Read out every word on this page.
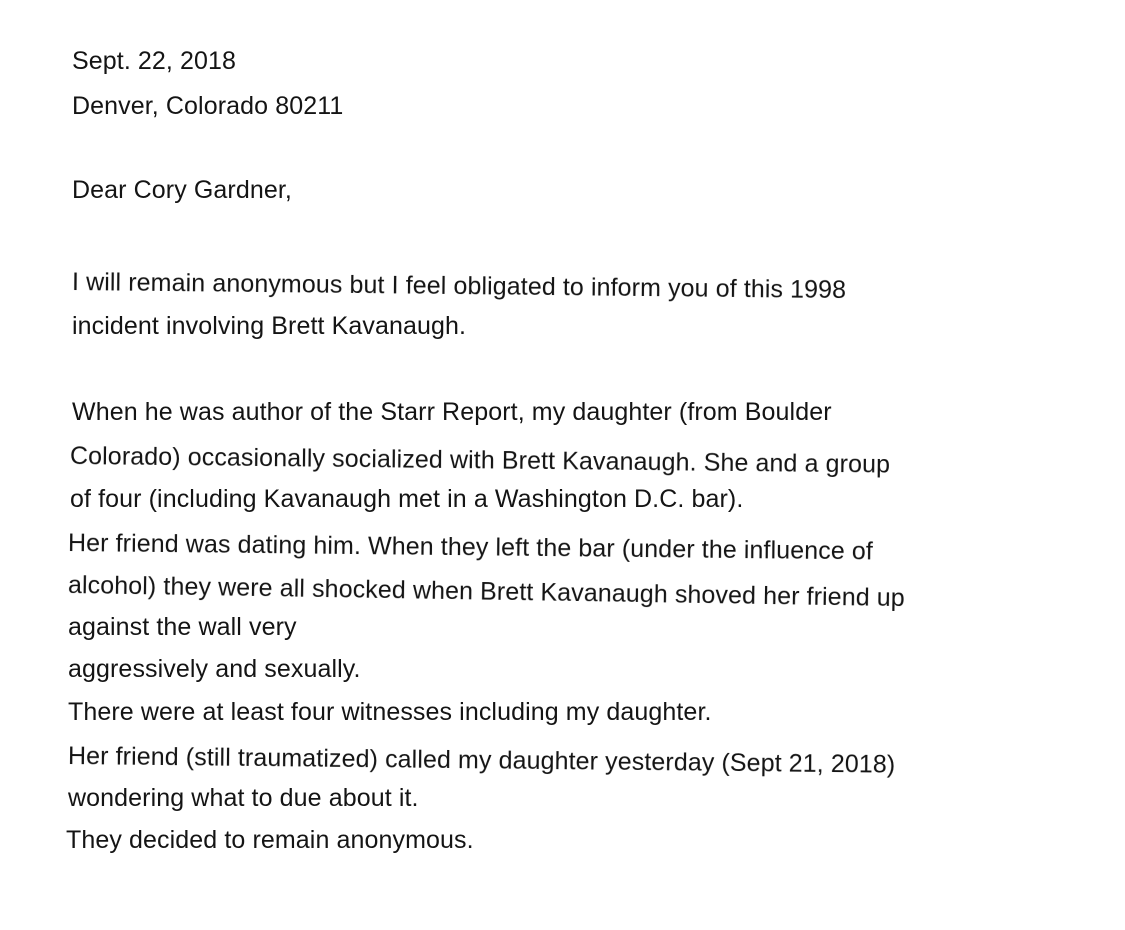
Sept. 22, 2018
Denver, Colorado 80211
Dear Cory Gardner,
I will remain anonymous but I feel obligated to inform you of this 1998
incident involving Brett Kavanaugh.
When he was author of the Starr Report, my daughter (from Boulder
Colorado) occasionally socialized with Brett Kavanaugh. She and a group
of four (including Kavanaugh met in a Washington D.C. bar).
Her friend was dating him. When they left the bar (under the influence of
alcohol) they were all shocked when Brett Kavanaugh shoved her friend up
against the wall very
aggressively and sexually.
There were at least four witnesses including my daughter.
Her friend (still traumatized) called my daughter yesterday (Sept 21, 2018)
wondering what to due about it.
They decided to remain anonymous.
